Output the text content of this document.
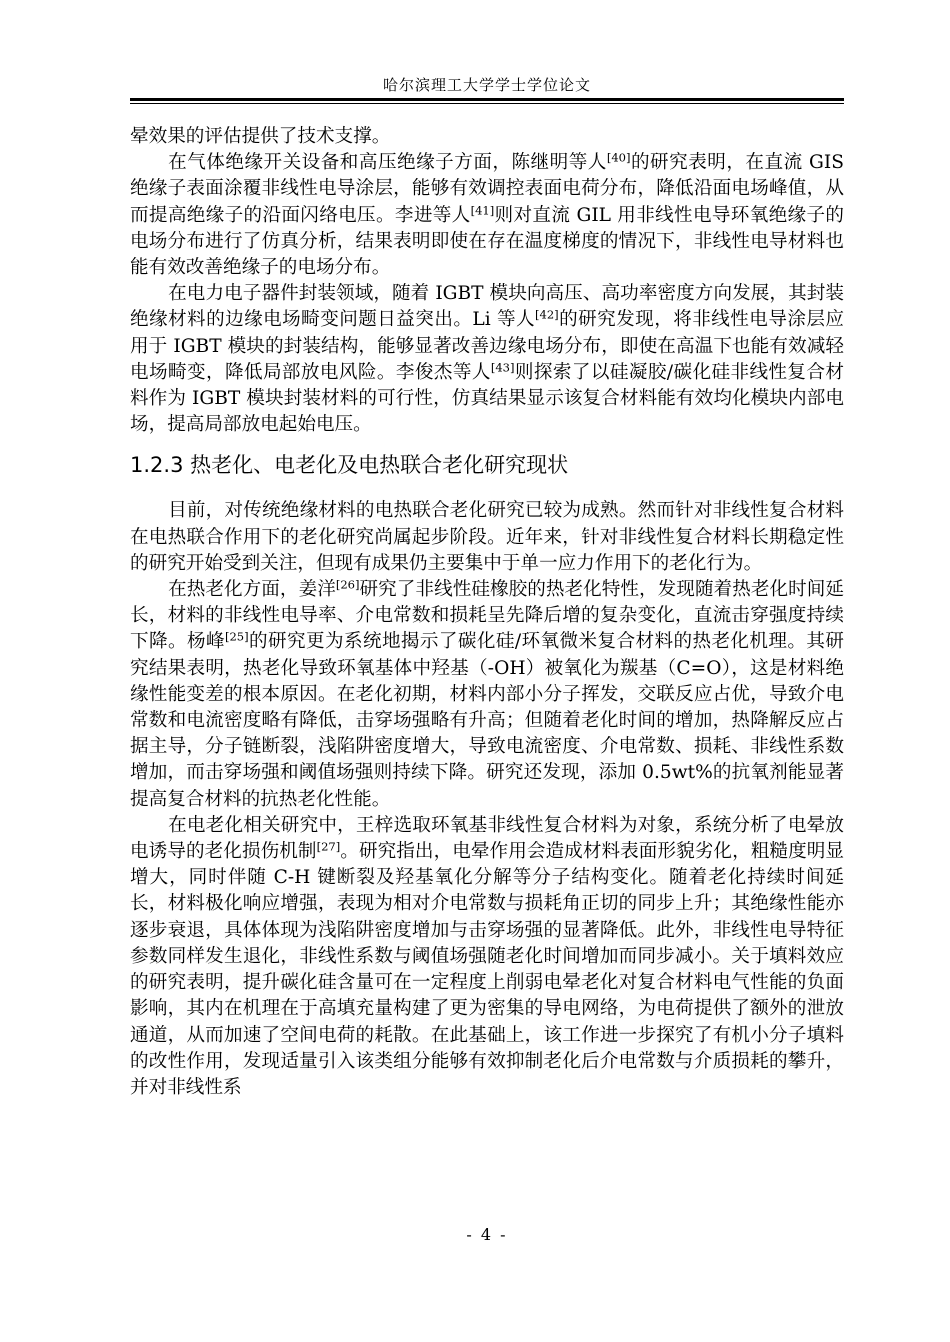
哈尔滨理工大学学士学位论文

晕效果的评估提供了技术支撑。

在气体绝缘开关设备和高压绝缘子方面，陈继明等人[40]的研究表明，在直流 GIS 绝缘子表面涂覆非线性电导涂层，能够有效调控表面电荷分布，降低沿面电场峰值，从而提高绝缘子的沿面闪络电压。李进等人[41]则对直流 GIL 用非线性电导环氧绝缘子的电场分布进行了仿真分析，结果表明即使在存在温度梯度的情况下，非线性电导材料也能有效改善绝缘子的电场分布。

在电力电子器件封装领域，随着 IGBT 模块向高压、高功率密度方向发展，其封装绝缘材料的边缘电场畸变问题日益突出。Li 等人[42]的研究发现，将非线性电导涂层应用于 IGBT 模块的封装结构，能够显著改善边缘电场分布，即使在高温下也能有效减轻电场畸变，降低局部放电风险。李俊杰等人[43]则探索了以硅凝胶/碳化硅非线性复合材料作为 IGBT 模块封装材料的可行性，仿真结果显示该复合材料能有效均化模块内部电场，提高局部放电起始电压。

1.2.3 热老化、电老化及电热联合老化研究现状

目前，对传统绝缘材料的电热联合老化研究已较为成熟。然而针对非线性复合材料在电热联合作用下的老化研究尚属起步阶段。近年来，针对非线性复合材料长期稳定性的研究开始受到关注，但现有成果仍主要集中于单一应力作用下的老化行为。

在热老化方面，姜洋[26]研究了非线性硅橡胶的热老化特性，发现随着热老化时间延长，材料的非线性电导率、介电常数和损耗呈先降后增的复杂变化，直流击穿强度持续下降。杨峰[25]的研究更为系统地揭示了碳化硅/环氧微米复合材料的热老化机理。其研究结果表明，热老化导致环氧基体中羟基（-OH）被氧化为羰基（C=O），这是材料绝缘性能变差的根本原因。在老化初期，材料内部小分子挥发，交联反应占优，导致介电常数和电流密度略有降低，击穿场强略有升高；但随着老化时间的增加，热降解反应占据主导，分子链断裂，浅陷阱密度增大，导致电流密度、介电常数、损耗、非线性系数增加，而击穿场强和阈值场强则持续下降。研究还发现，添加 0.5wt%的抗氧剂能显著提高复合材料的抗热老化性能。

在电老化相关研究中，王梓选取环氧基非线性复合材料为对象，系统分析了电晕放电诱导的老化损伤机制[27]。研究指出，电晕作用会造成材料表面形貌劣化，粗糙度明显增大，同时伴随 C-H 键断裂及羟基氧化分解等分子结构变化。随着老化持续时间延长，材料极化响应增强，表现为相对介电常数与损耗角正切的同步上升；其绝缘性能亦逐步衰退，具体体现为浅陷阱密度增加与击穿场强的显著降低。此外，非线性电导特征参数同样发生退化，非线性系数与阈值场强随老化时间增加而同步减小。关于填料效应的研究表明，提升碳化硅含量可在一定程度上削弱电晕老化对复合材料电气性能的负面影响，其内在机理在于高填充量构建了更为密集的导电网络，为电荷提供了额外的泄放通道，从而加速了空间电荷的耗散。在此基础上，该工作进一步探究了有机小分子填料的改性作用，发现适量引入该类组分能够有效抑制老化后介电常数与介质损耗的攀升，并对非线性系

- 4 -
